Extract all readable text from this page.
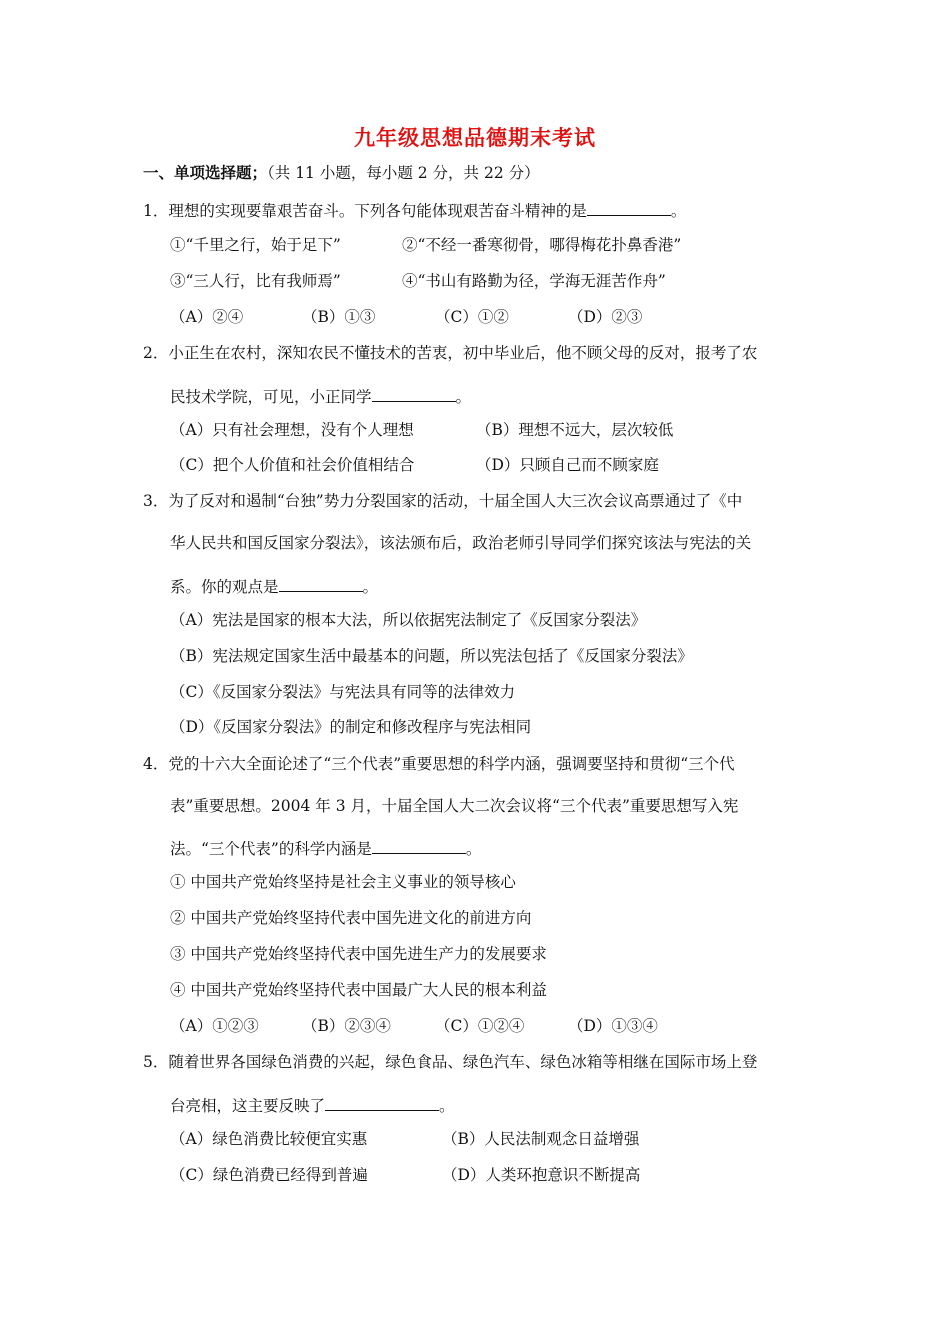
九年级思想品德期末考试
一、单项选择题；（共 11 小题，每小题 2 分，共 22 分）
1．理想的实现要靠艰苦奋斗。下列各句能体现艰苦奋斗精神的是	。
①“千里之行，始于足下”	②“不经一番寒彻骨，哪得梅花扑鼻香港”
③“三人行，比有我师焉”	④“书山有路勤为径，学海无涯苦作舟”
（A）②④	（B）①③	（C）①②	（D）②③
2．小正生在农村，深知农民不懂技术的苦衷，初中毕业后，他不顾父母的反对，报考了农
民技术学院，可见，小正同学	。
（A）只有社会理想，没有个人理想	（B）理想不远大，层次较低
（C）把个人价值和社会价值相结合	（D）只顾自己而不顾家庭
3．为了反对和遏制“台独”势力分裂国家的活动，十届全国人大三次会议高票通过了《中
华人民共和国反国家分裂法》，该法颁布后，政治老师引导同学们探究该法与宪法的关
系。你的观点是	。
（A）宪法是国家的根本大法，所以依据宪法制定了《反国家分裂法》
（B）宪法规定国家生活中最基本的问题，所以宪法包括了《反国家分裂法》
（C）《反国家分裂法》与宪法具有同等的法律效力
（D）《反国家分裂法》的制定和修改程序与宪法相同
4．党的十六大全面论述了“三个代表”重要思想的科学内涵，强调要坚持和贯彻“三个代
表”重要思想。2004 年 3 月，十届全国人大二次会议将“三个代表”重要思想写入宪
法。“三个代表”的科学内涵是	。
① 中国共产党始终坚持是社会主义事业的领导核心
② 中国共产党始终坚持代表中国先进文化的前进方向
③ 中国共产党始终坚持代表中国先进生产力的发展要求
④ 中国共产党始终坚持代表中国最广大人民的根本利益
（A）①②③	（B）②③④	（C）①②④	（D）①③④
5．随着世界各国绿色消费的兴起，绿色食品、绿色汽车、绿色冰箱等相继在国际市场上登
台亮相，这主要反映了	。
（A）绿色消费比较便宜实惠	（B）人民法制观念日益增强
（C）绿色消费已经得到普遍	（D）人类环抱意识不断提高
